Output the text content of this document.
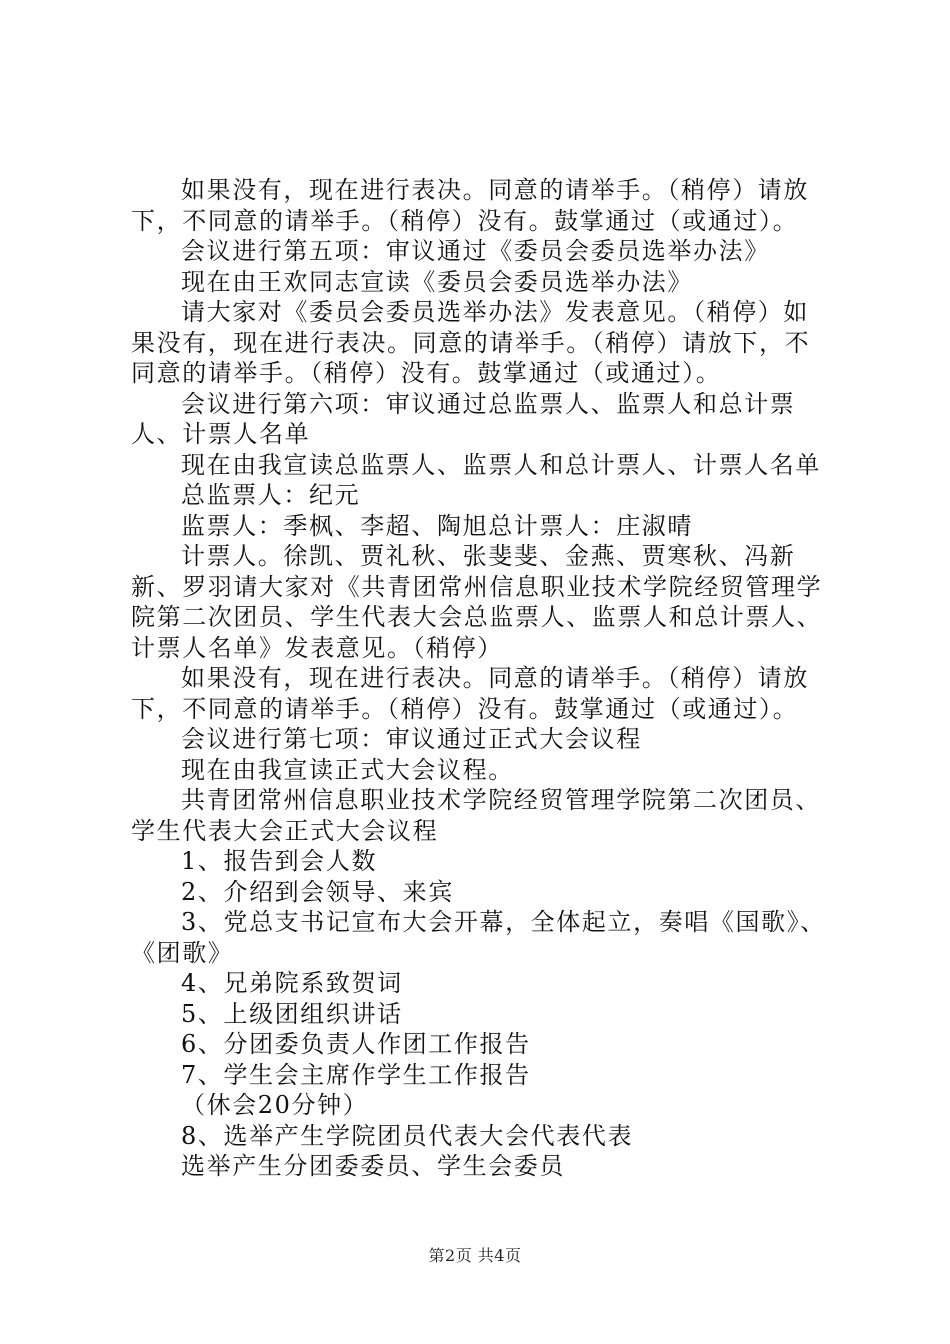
如果没有，现在进行表决。同意的请举手。（稍停）请放下，不同意的请举手。（稍停）没有。鼓掌通过（或通过）。

会议进行第五项：审议通过《委员会委员选举办法》

现在由王欢同志宣读《委员会委员选举办法》

请大家对《委员会委员选举办法》发表意见。（稍停）如果没有，现在进行表决。同意的请举手。（稍停）请放下，不同意的请举手。（稍停）没有。鼓掌通过（或通过）。

会议进行第六项：审议通过总监票人、监票人和总计票人、计票人名单

现在由我宣读总监票人、监票人和总计票人、计票人名单

总监票人：纪元

监票人：季枫、李超、陶旭总计票人：庄淑晴

计票人。徐凯、贾礼秋、张斐斐、金燕、贾寒秋、冯新新、罗羽请大家对《共青团常州信息职业技术学院经贸管理学院第二次团员、学生代表大会总监票人、监票人和总计票人、计票人名单》发表意见。（稍停）

如果没有，现在进行表决。同意的请举手。（稍停）请放下，不同意的请举手。（稍停）没有。鼓掌通过（或通过）。

会议进行第七项：审议通过正式大会议程

现在由我宣读正式大会议程。

共青团常州信息职业技术学院经贸管理学院第二次团员、学生代表大会正式大会议程

1、报告到会人数

2、介绍到会领导、来宾

3、党总支书记宣布大会开幕，全体起立，奏唱《国歌》、《团歌》

4、兄弟院系致贺词

5、上级团组织讲话

6、分团委负责人作团工作报告

7、学生会主席作学生工作报告

（休会20分钟）

8、选举产生学院团员代表大会代表代表

选举产生分团委委员、学生会委员

第2页 共4页
